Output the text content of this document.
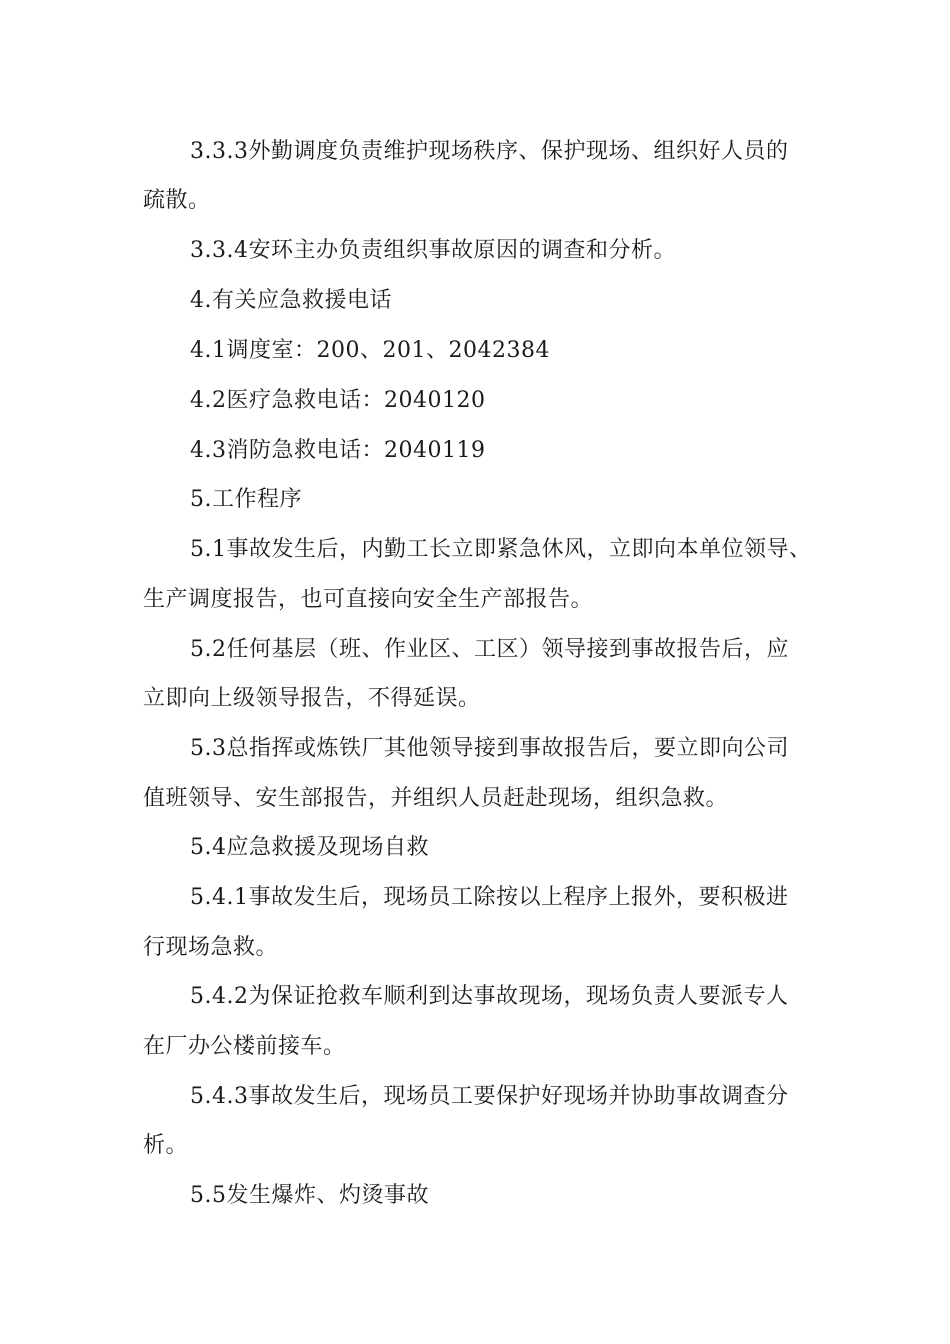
3.3.3外勤调度负责维护现场秩序、保护现场、组织好人员的
疏散。
3.3.4安环主办负责组织事故原因的调查和分析。
4.有关应急救援电话
4.1调度室：200、201、2042384
4.2医疗急救电话：2040120
4.3消防急救电话：2040119
5.工作程序
5.1事故发生后，内勤工长立即紧急休风，立即向本单位领导、
生产调度报告，也可直接向安全生产部报告。
5.2任何基层（班、作业区、工区）领导接到事故报告后，应
立即向上级领导报告，不得延误。
5.3总指挥或炼铁厂其他领导接到事故报告后，要立即向公司
值班领导、安生部报告，并组织人员赶赴现场，组织急救。
5.4应急救援及现场自救
5.4.1事故发生后，现场员工除按以上程序上报外，要积极进
行现场急救。
5.4.2为保证抢救车顺利到达事故现场，现场负责人要派专人
在厂办公楼前接车。
5.4.3事故发生后，现场员工要保护好现场并协助事故调查分
析。
5.5发生爆炸、灼烫事故
